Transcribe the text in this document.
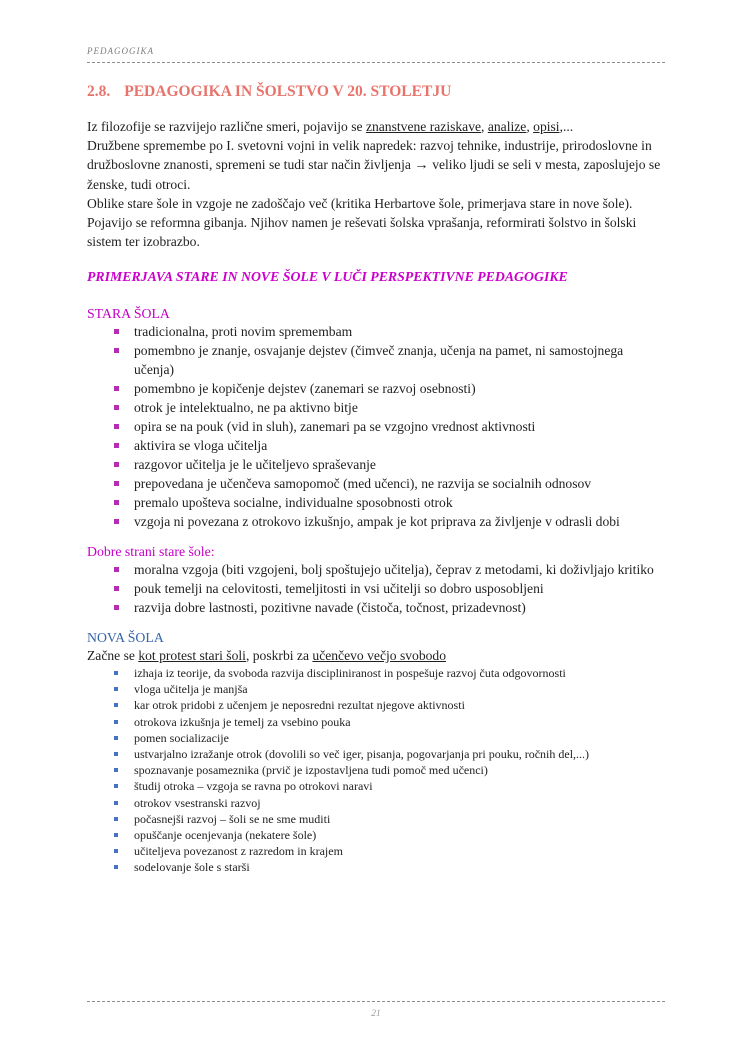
PEDAGOGIKA
2.8. PEDAGOGIKA IN ŠOLSTVO V 20. STOLETJU

Iz filozofije se razvijejo različne smeri, pojavijo se znanstvene raziskave, analize, opisi,...

Družbene spremembe po I. svetovni vojni in velik napredek: razvoj tehnike, industrije, prirodoslovne in družboslovne znanosti, spremeni se tudi star način življenja → veliko ljudi se seli v mesta, zaposlujejo se ženske, tudi otroci.

Oblike stare šole in vzgoje ne zadoščajo več (kritika Herbartove šole, primerjava stare in nove šole).

Pojavijo se reformna gibanja. Njihov namen je reševati šolska vprašanja, reformirati šolstvo in šolski sistem ter izobrazbo.

PRIMERJAVA STARE IN NOVE ŠOLE V LUČI PERSPEKTIVNE PEDAGOGIKE
STARA ŠOLA
tradicionalna, proti novim spremembam
pomembno je znanje, osvajanje dejstev (čimveč znanja, učenja na pamet, ni samostojnega učenja)
pomembno je kopičenje dejstev (zanemari se razvoj osebnosti)
otrok je intelektualno, ne pa aktivno bitje
opira se na pouk (vid in sluh), zanemari pa se vzgojno vrednost aktivnosti
aktivira se vloga učitelja
razgovor učitelja je le učiteljevo spraševanje
prepovedana je učenčeva samopomoč (med učenci), ne razvija se socialnih odnosov
premalo upošteva socialne, individualne sposobnosti otrok
vzgoja ni povezana z otrokovo izkušnjo, ampak je kot priprava za življenje v odrasli dobi
Dobre strani stare šole:
moralna vzgoja (biti vzgojeni, bolj spoštujejo učitelja), čeprav z metodami, ki doživljajo kritiko
pouk temelji na celovitosti, temeljitosti in vsi učitelji so dobro usposobljeni
razvija dobre lastnosti, pozitivne navade (čistoča, točnost, prizadevnost)
NOVA ŠOLA
Začne se kot protest stari šoli, poskrbi za učenčevo večjo svobodo
izhaja iz teorije, da svoboda razvija discipliniranost in pospešuje razvoj čuta odgovornosti
vloga učitelja je manjša
kar otrok pridobi z učenjem je neposredni rezultat njegove aktivnosti
otrokova izkušnja je temelj za vsebino pouka
pomen socializacije
ustvarjalno izražanje otrok (dovolili so več iger, pisanja, pogovarjanja pri pouku, ročnih del,...)
spoznavanje posameznika (prvič je izpostavljena tudi pomoč med učenci)
študij otroka – vzgoja se ravna po otrokovi naravi
otrokov vsestranski razvoj
počasnejši razvoj – šoli se ne sme muditi
opuščanje ocenjevanja (nekatere šole)
učiteljeva povezanost z razredom in krajem
sodelovanje šole s starši
21
